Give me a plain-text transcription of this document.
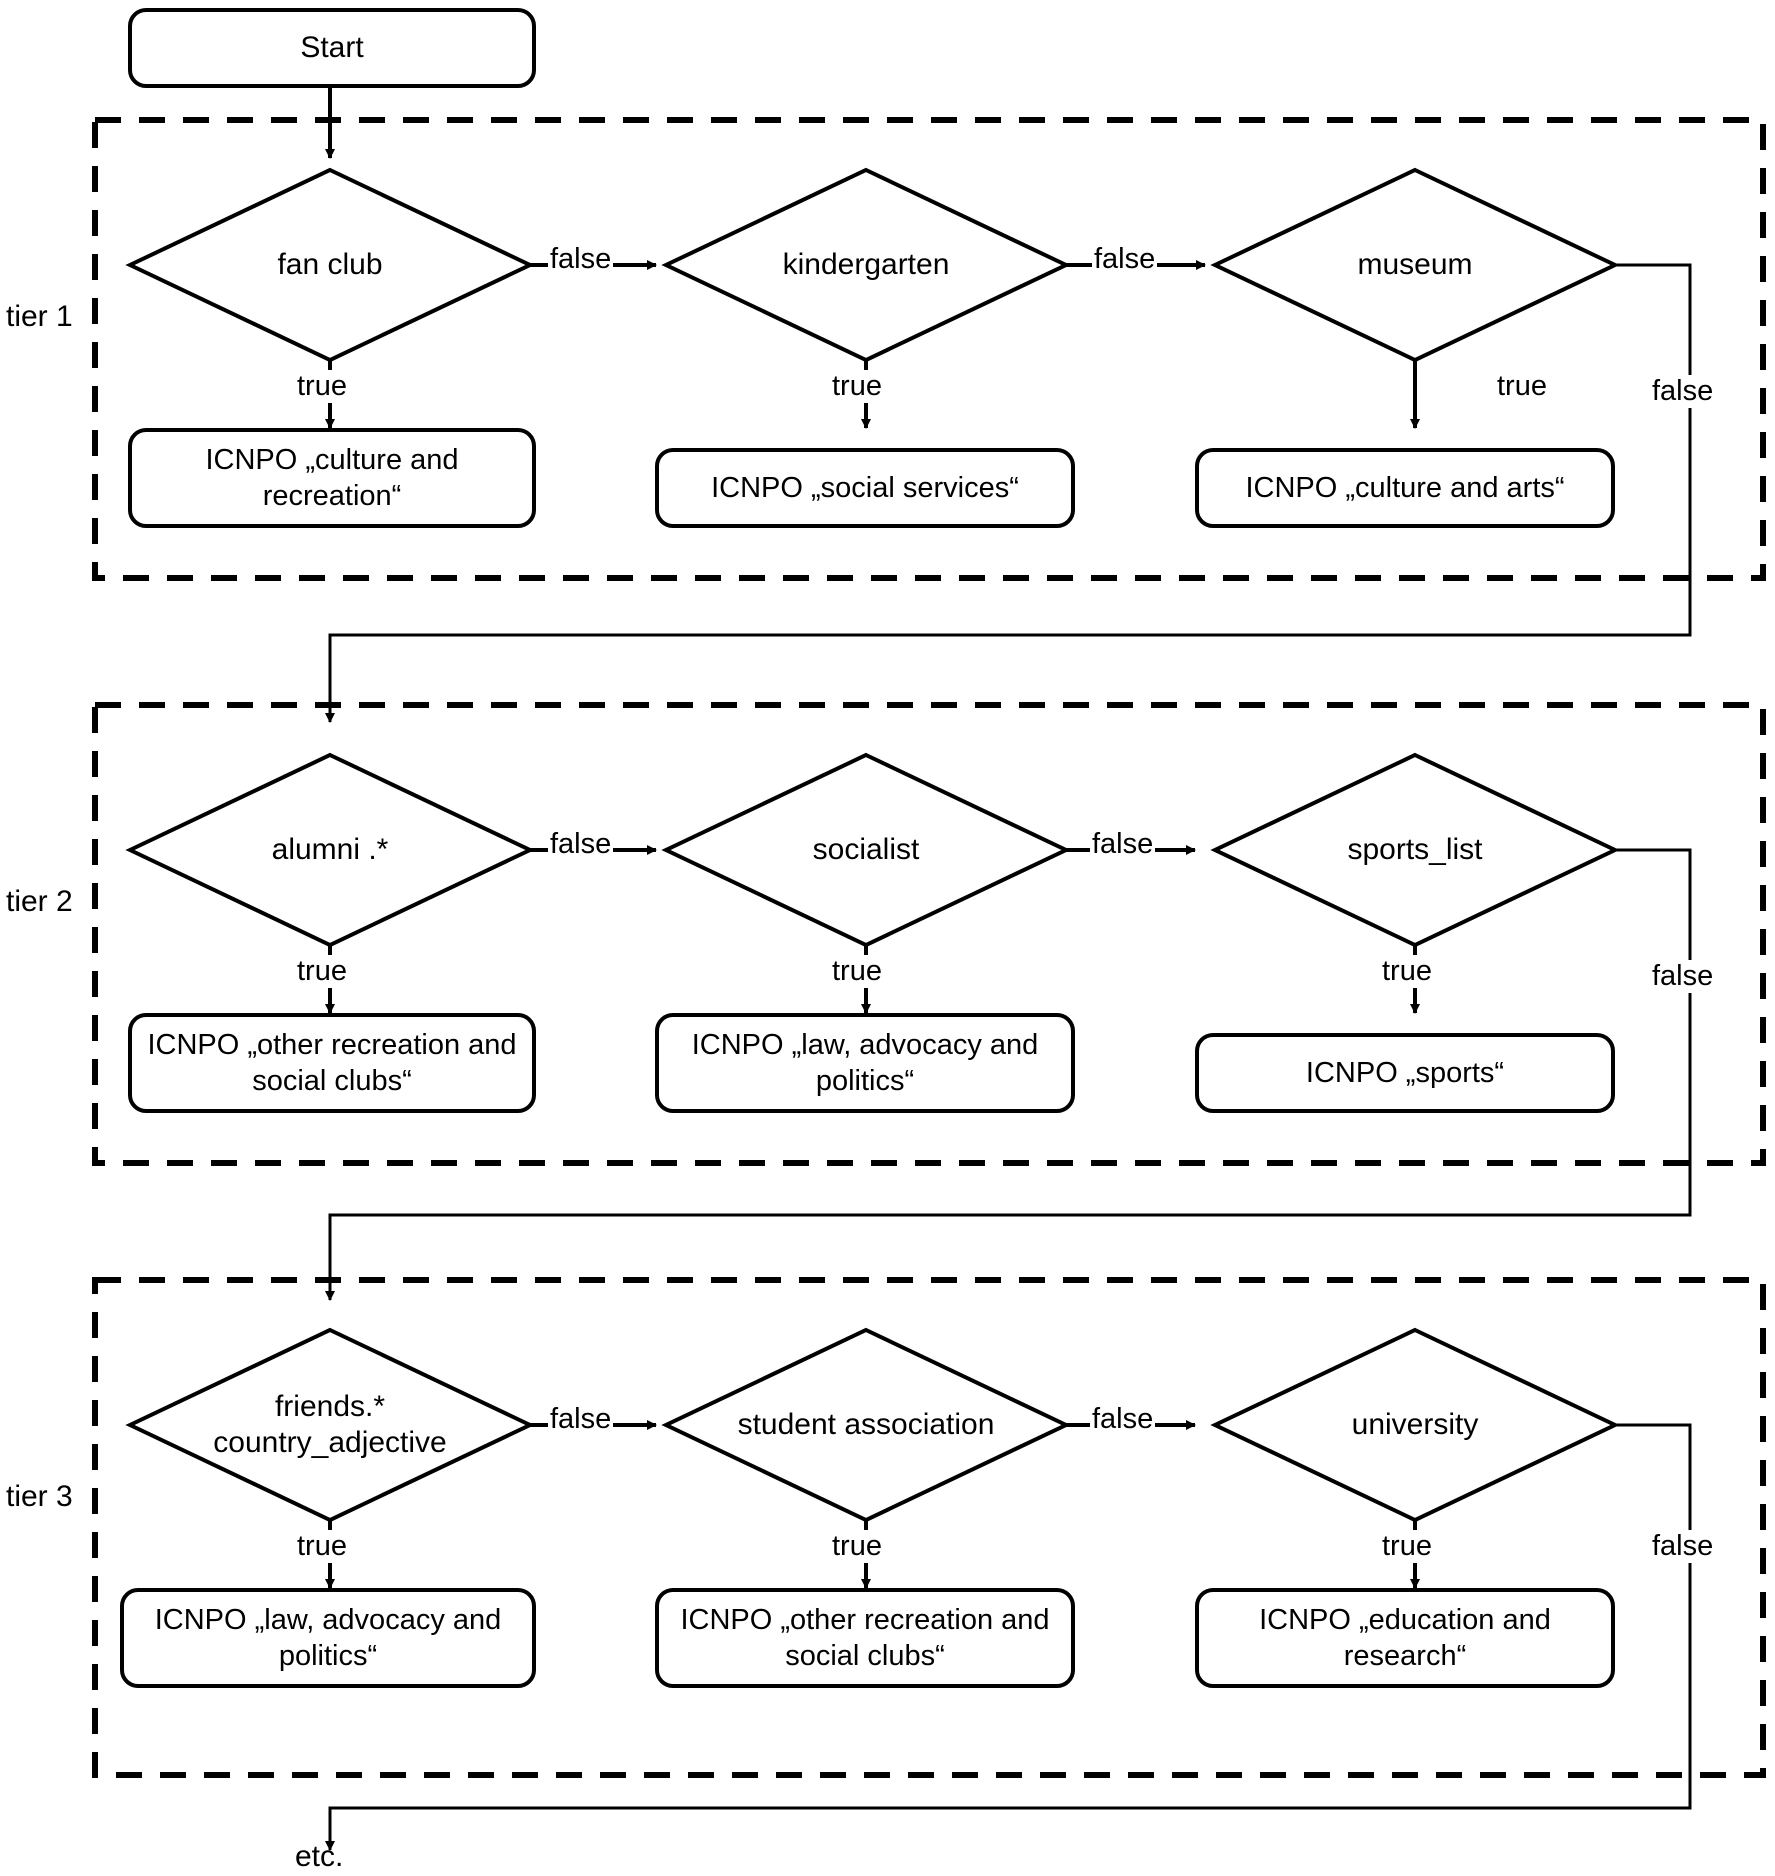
Start
tier 1
tier 2
tier 3
fan club	kindergarten	museum
ICNPO „culture and recreation“	ICNPO „social services“	ICNPO „culture and arts“
false	false
false
true	true	true
alumni .*	socialist	sports_list
ICNPO „other recreation and social clubs“
ICNPO „law, advocacy and politics“	ICNPO „sports“
false	false
false
true	true	true
friends.* country_adjective
student association	university
ICNPO „law, advocacy and politics“
ICNPO „other recreation and social clubs“
ICNPO „education and research“
false	false
false
true	true	true
etc.
